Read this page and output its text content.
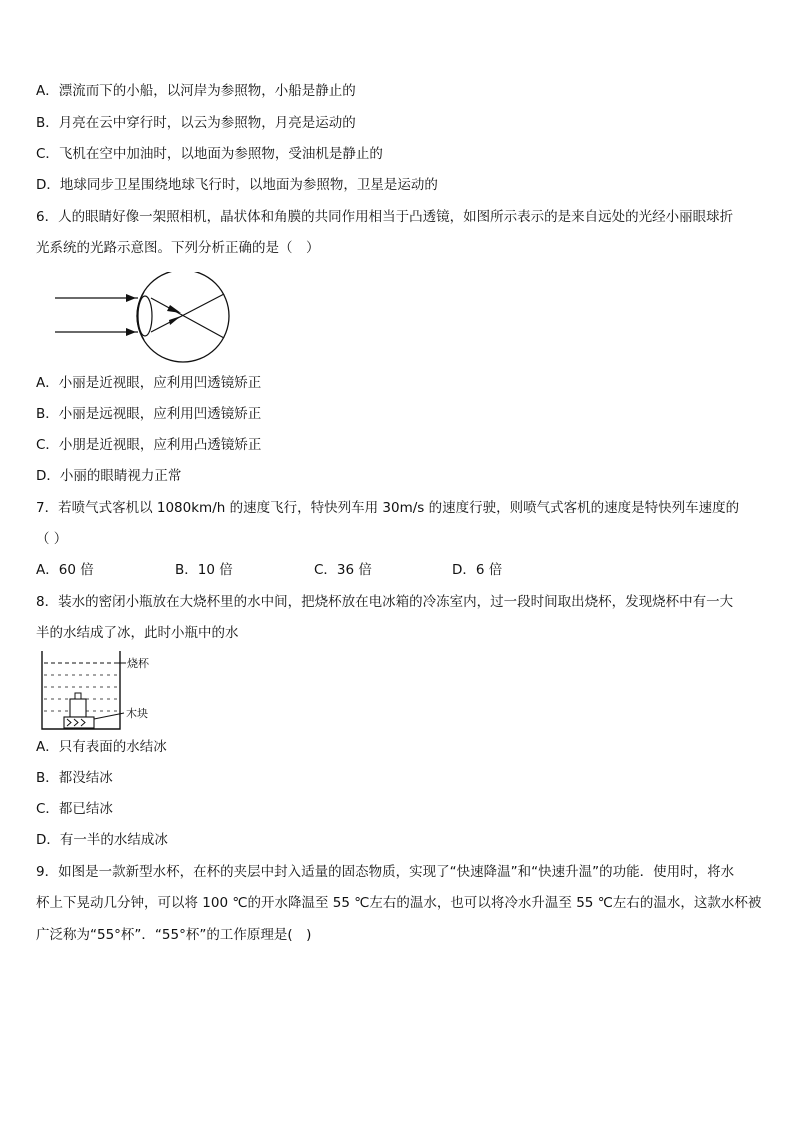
A．漂流而下的小船，以河岸为参照物，小船是静止的
B．月亮在云中穿行时，以云为参照物，月亮是运动的
C．飞机在空中加油时，以地面为参照物，受油机是静止的
D．地球同步卫星围绕地球飞行时，以地面为参照物，卫星是运动的
6．人的眼睛好像一架照相机，晶状体和角膜的共同作用相当于凸透镜，如图所示表示的是来自远处的光经小丽眼球折
光系统的光路示意图。下列分析正确的是（　）
A．小丽是近视眼，应利用凹透镜矫正
B．小丽是远视眼，应利用凹透镜矫正
C．小朋是近视眼，应利用凸透镜矫正
D．小丽的眼睛视力正常
7．若喷气式客机以 1080km/h 的速度飞行，特快列车用 30m/s 的速度行驶，则喷气式客机的速度是特快列车速度的
（ ）
A．60 倍	B．10 倍	C．36 倍	D．6 倍
8．装水的密闭小瓶放在大烧杯里的水中间，把烧杯放在电冰箱的冷冻室内，过一段时间取出烧杯，发现烧杯中有一大
半的水结成了冰，此时小瓶中的水
烧杯
木块
A．只有表面的水结冰
B．都没结冰
C．都已结冰
D．有一半的水结成冰
9．如图是一款新型水杯，在杯的夹层中封入适量的固态物质，实现了“快速降温”和“快速升温”的功能．使用时，将水
杯上下晃动几分钟，可以将 100 ℃的开水降温至 55 ℃左右的温水，也可以将冷水升温至 55 ℃左右的温水，这款水杯被
广泛称为“55°杯”．“55°杯”的工作原理是(　)
